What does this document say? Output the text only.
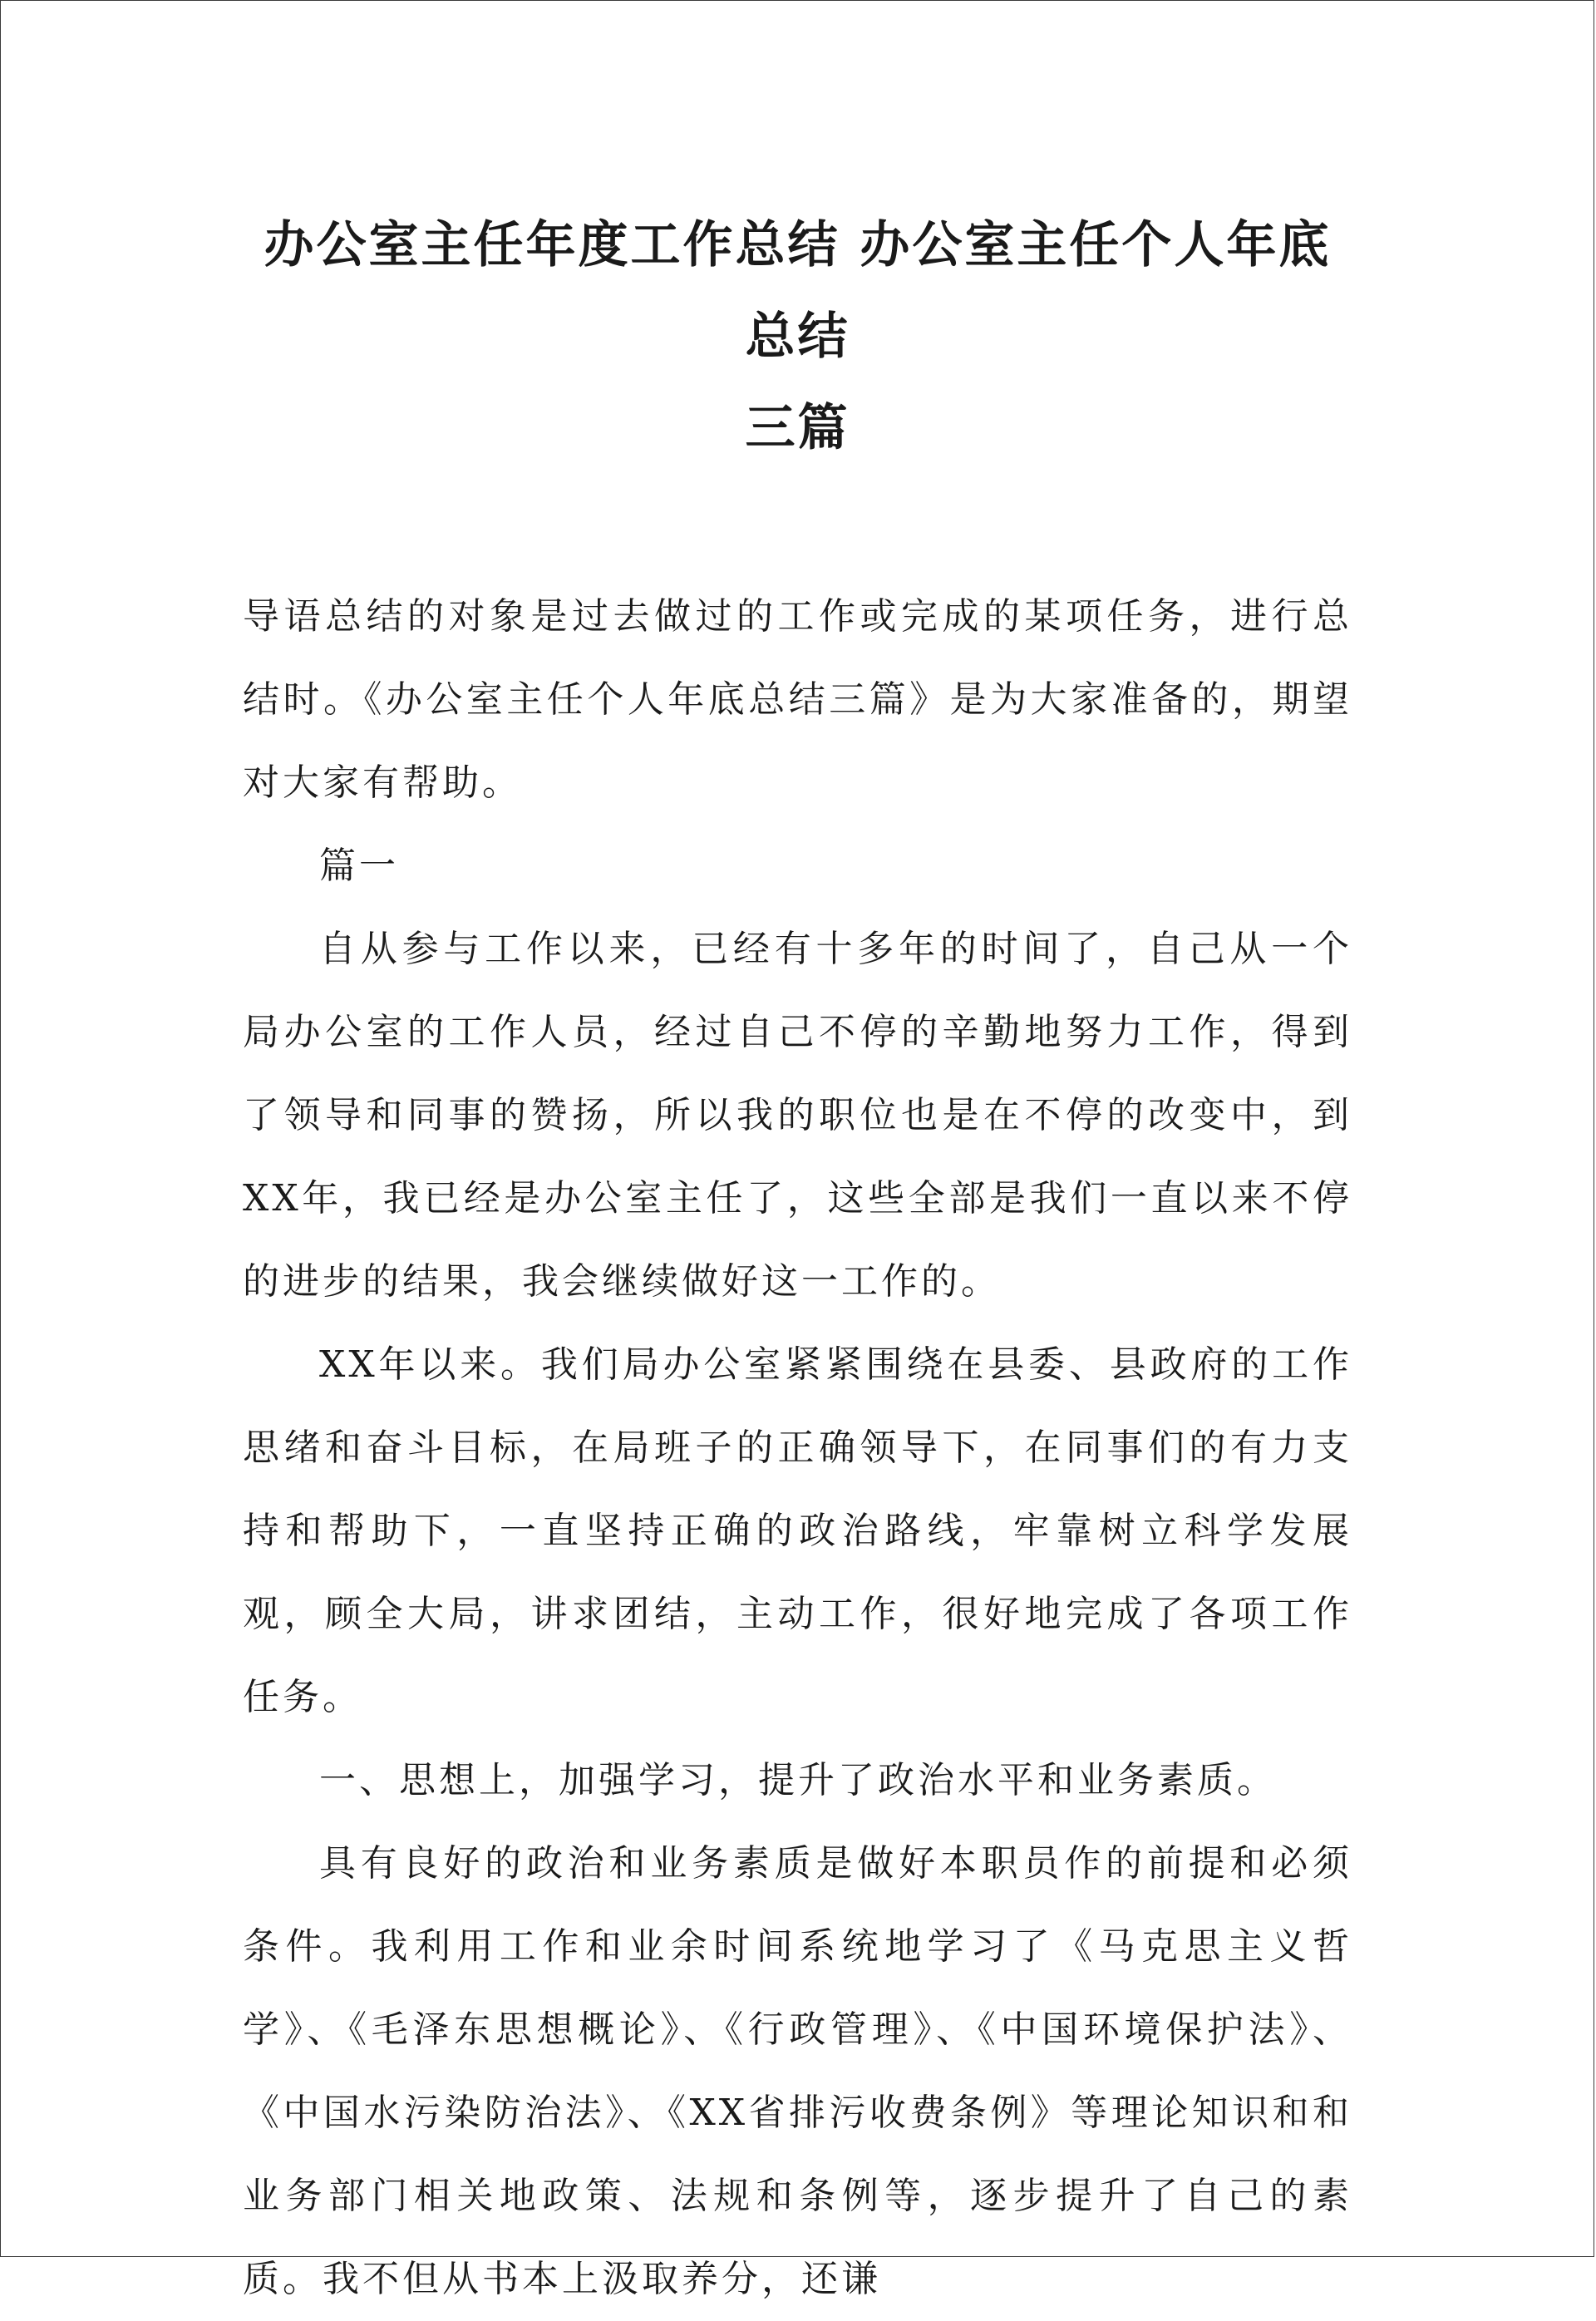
办公室主任年度工作总结 办公室主任个人年底总结
三篇

导语总结的对象是过去做过的工作或完成的某项任务，进行总结时。《办公室主任个人年底总结三篇》是为大家准备的，期望对大家有帮助。

篇一

自从参与工作以来，已经有十多年的时间了，自己从一个局办公室的工作人员，经过自己不停的辛勤地努力工作，得到了领导和同事的赞扬，所以我的职位也是在不停的改变中，到XX年，我已经是办公室主任了，这些全部是我们一直以来不停的进步的结果，我会继续做好这一工作的。

XX年以来。我们局办公室紧紧围绕在县委、县政府的工作思绪和奋斗目标，在局班子的正确领导下，在同事们的有力支持和帮助下，一直坚持正确的政治路线，牢靠树立科学发展观，顾全大局，讲求团结，主动工作，很好地完成了各项工作任务。

一、思想上，加强学习，提升了政治水平和业务素质。

具有良好的政治和业务素质是做好本职员作的前提和必须条件。我利用工作和业余时间系统地学习了《马克思主义哲学》、《毛泽东思想概论》、《行政管理》、《中国环境保护法》、《中国水污染防治法》、《XX省排污收费条例》等理论知识和和业务部门相关地政策、法规和条例等，逐步提升了自己的素质。我不但从书本上汲取养分，还谦
